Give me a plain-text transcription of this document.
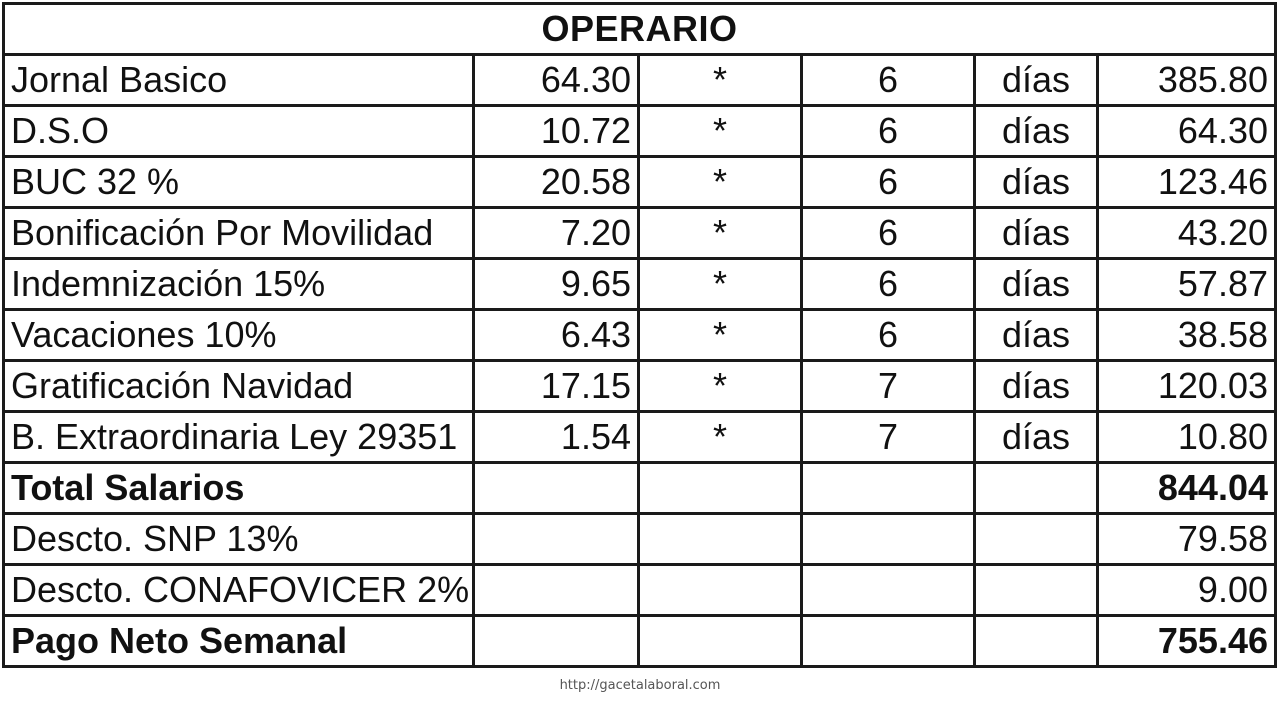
OPERARIO					
Jornal Basico	64.30	*	6	días	385.80
D.S.O	10.72	*	6	días	64.30
BUC 32 %	20.58	*	6	días	123.46
Bonificación Por Movilidad	7.20	*	6	días	43.20
Indemnización 15%	9.65	*	6	días	57.87
Vacaciones 10%	6.43	*	6	días	38.58
Gratificación Navidad	17.15	*	7	días	120.03
B. Extraordinaria Ley 29351	1.54	*	7	días	10.80
Total Salarios					844.04
Descto. SNP 13%					79.58
Descto. CONAFOVICER 2%					9.00
Pago Neto Semanal					755.46
http://gacetalaboral.com
